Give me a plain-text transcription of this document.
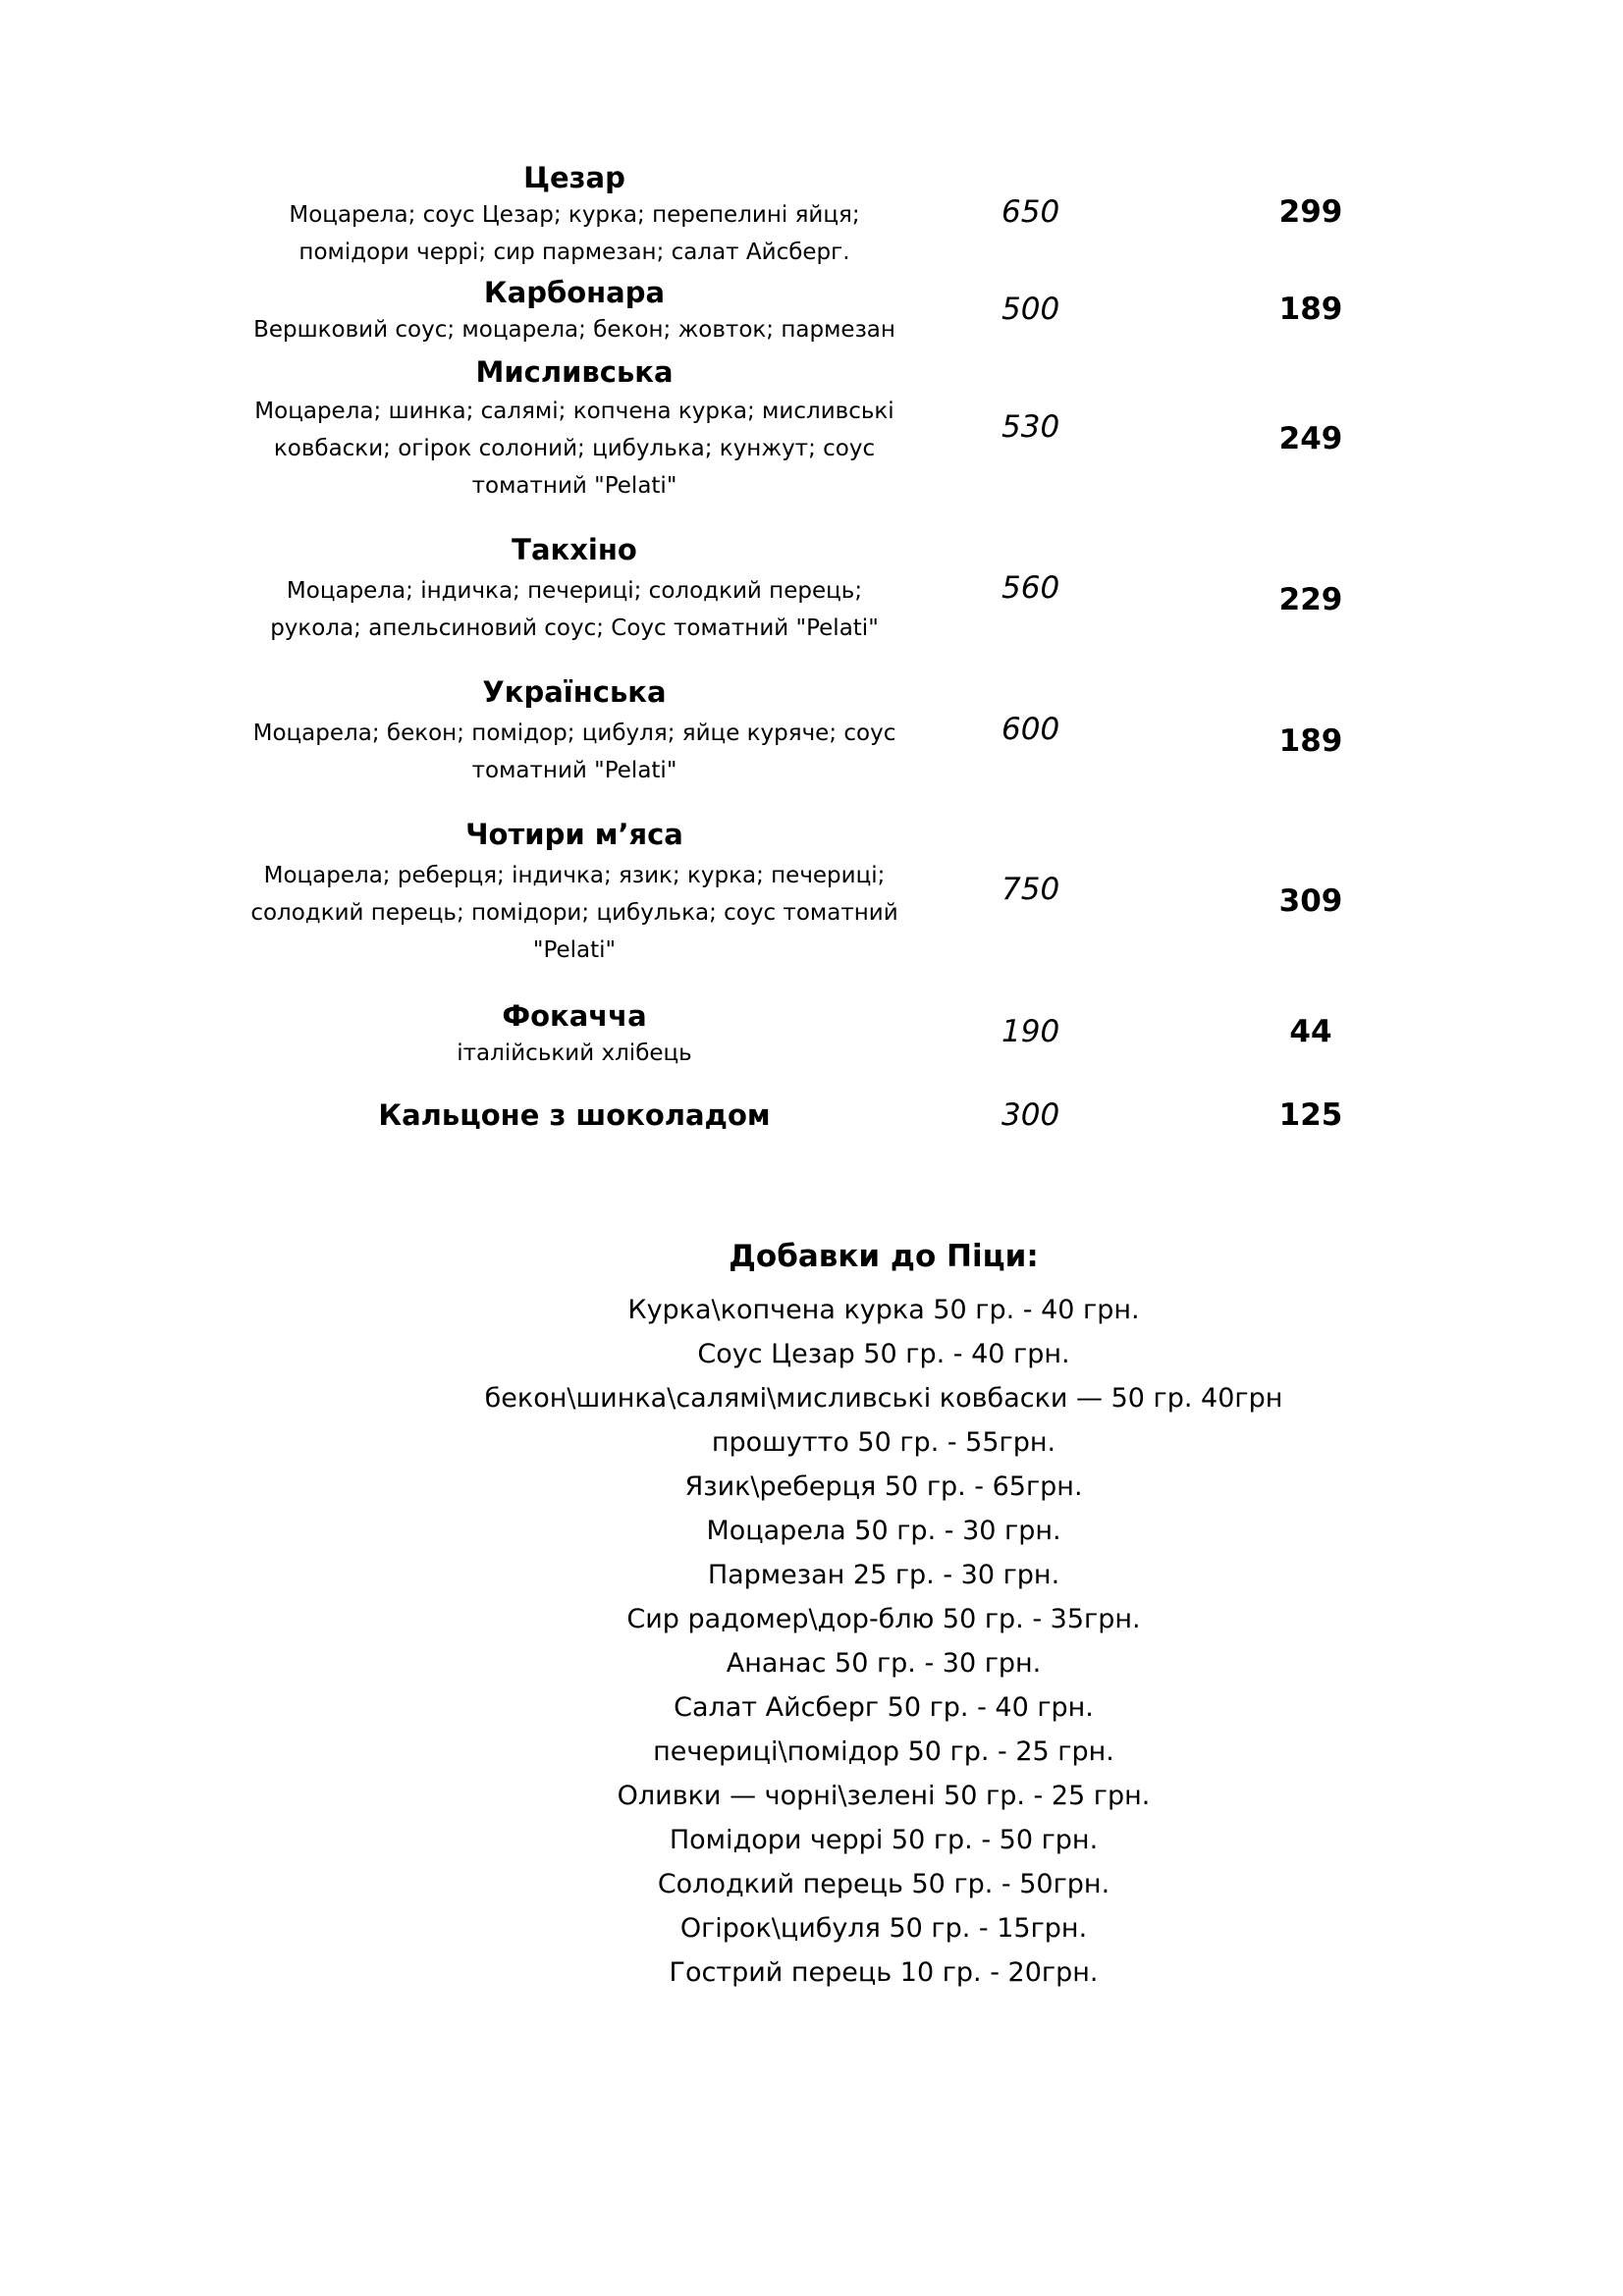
Цезар
Моцарела; соус Цезар; курка; перепелині яйця;
помідори черрі; сир пармезан; салат Айсберг.
650	299
Карбонара
Вершковий соус; моцарела; бекон; жовток; пармезан
500	189
Мисливська
Моцарела; шинка; салямі; копчена курка; мисливські
ковбаски; огірок солоний; цибулька; кунжут; соус
томатний "Pelati"
530	249
Такхіно
Моцарела; індичка; печериці; солодкий перець;
рукола; апельсиновий соус; Соус томатний "Pelati"
560	229
Українська
Моцарела; бекон; помідор; цибуля; яйце куряче; соус
томатний "Pelati"
600	189
Чотири м’яса
Моцарела; реберця; індичка; язик; курка; печериці;
солодкий перець; помідори; цибулька; соус томатний
"Pelati"
750	309
Фокачча
італійський хлібець
190	44
Кальцоне з шоколадом	300	125
Добавки до Піци:
Курка\копчена курка 50 гр. - 40 грн.
Соус Цезар 50 гр. - 40 грн.
бекон\шинка\салямі\мисливські ковбаски — 50 гр. 40грн
прошутто 50 гр. - 55грн.
Язик\реберця 50 гр. - 65грн.
Моцарела 50 гр. - 30 грн.
Пармезан 25 гр. - 30 грн.
Сир радомер\дор-блю 50 гр. - 35грн.
Ананас 50 гр. - 30 грн.
Салат Айсберг 50 гр. - 40 грн.
печериці\помідор 50 гр. - 25 грн.
Оливки — чорні\зелені 50 гр. - 25 грн.
Помідори черрі 50 гр. - 50 грн.
Солодкий перець 50 гр. - 50грн.
Огірок\цибуля 50 гр. - 15грн.
Гострий перець 10 гр. - 20грн.
